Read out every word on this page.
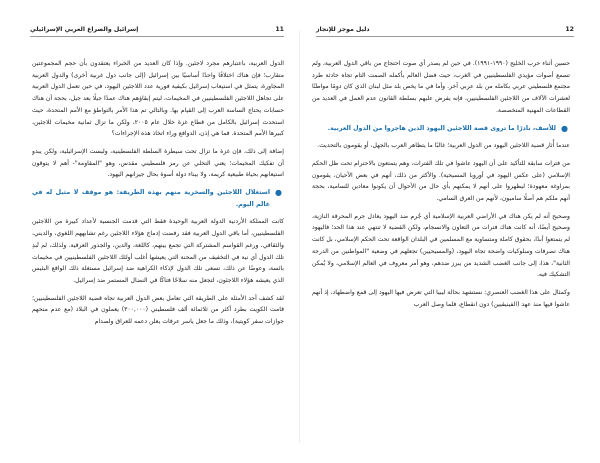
11
إسرائيل والصراع العربي الإسرائيلي

الدول العربية، باعتبارهم مجرد لاجئين. وإذا كان العديد من الخبراء يعتقدون بأن حجم المجموعتين متقارب؛ فإن هناك اختلافًا واحدًا أساسيًا بين إسرائيل (إلى جانب دول غربية أخرى) والدول العربية المجاورة، يتمثل في استيعاب إسرائيل بكيفية فورية عدد اللاجئين اليهود، في حين تعمل الدول العربية على تجاهل اللاجئين الفلسطينيين في المخيمات، ليتم إبقاؤهم هناك عمدًا جيلًا بعد جيل، بحجة أن هناك حسابات يحتاج الساسة العرب إلى القيام بها. وبالتالي تم هذا الأمر بالتواطؤ مع الأمم المتحدة، حيث استحدث إسرائيل بالكامل من قطاع غزة خلال عام ٢٠٠٥، ولكن ما تزال ثمانية مخيمات للاجئين، كبيرها الأمم المتحدة. فما هي إذن، الدوافع وراء اتخاذ هذه الإجراءات؟

إضافة إلى ذلك، فإن غزة ما تزال تحت سيطرة السلطة الفلسطينية، وليست الإسرائيلية، ولكن يبدو أن تفكيك المخيمات؛ يعني التخلي عن رمز فلسطيني مقدس، وهو "المقاومة"- أهم لا يتوقون استيعابهم بحياة طبيعية كريمة، ولا بيناء دولة أسوة بحال جيرانهم اليهود.

●
استغلال اللاجئين والسخرية منهم بهذه الطريقة: هو موقف لا مثيل له في عالم اليوم.

كانت المملكة الأردنية الدولة العربية الوحيدة فقط التي قدمت الجنسية لأعداد كبيرة من اللاجئين الفلسطينيين، أما باقي الدول العربية فقد رفضت إدماج هؤلاء اللاجئين رغم تشابههم اللغوي، والديني، والثقافي، ورغم القواسم المشتركة التي تجمع بينهم، كاللغة، والدين، والجذور العرقية. ولذلك، لم تُبدِ تلك الدول أي نية في التخفيف من المحنة التي يعيشها أغلب أولئك اللاجئين الفلسطينيين في مخيمات بائسة، وعوضًا عن ذلك، تسعى تلك الدول لإذكاء الكراهية ضد إسرائيل مستغلة ذلك الواقع البئيس الذي يعيشه هؤلاء اللاجئون، لتجعل منه سلاحًا فتاكًا في النضال المستمر ضد إسرائيل.

لقد كشف أحد الأمثلة على الطريقة التي تعامل بعض الدول العربية تجاه قضية اللاجئين الفلسطينيين؛ قامت الكويت بطرد أكثر من ثلاثمائة ألف فلسطيني (٣٠٠,٠٠٠) يعملون في البلاد (مع عدم منحهم جوازات سفر كويتية)، وذلك ما جعل ياسر عرفات يعلن دعمه للعراق ولصدام

12
دليل موجز للإنجاز

حسين أثناء حرب الخليج (١٩٩٠-١٩٩١). في حين لم يصدر أي صوت احتجاج من باقي الدول العربية، ولم تسمع أصوات مؤيدي الفلسطينيين في الغرب، حيث فضل العالم بأكمله الصمت التام تجاه حادثة طرد مجتمع فلسطيني عربي بكامله من بلد عربي آخر. وأما في ما يخص بلد مثل لبنان الذي كان دومًا مواطنًا لعشرات الآلاف من اللاجئين الفلسطينيين، فإنه يفرض عليهم بسلطة القانون عدم العمل في العديد من القطاعات المهنية المتخصصة.

●
للأسف، نادرًا ما تروى قصة اللاجئين اليهود الذين هاجروا من الدول العربية.

عندما أُثار قضية اللاجئين اليهود من الدول العربية؛ غالبًا ما يتظاهر العرب بالجهل، أو يقومون بالتحديث.

من فترات سابقة للتأكيد على أن اليهود عاشوا في تلك الفترات، وهم يتمتعون بالاحترام تحت ظل الحكم الإسلامي (على عكس اليهود في أوروبا المسيحية). والأكثر من ذلك، أنهم في بعض الأحيان، يقومون بمراوغة معهودة؛ ليظهروا على أنهم لا يمكنهم بأي حال من الأحوال أن يكونوا معادين للسامية، بحجة أنهم ملكم هم أصلًا ساميون، لأنهم من العرق السامي.

وصحيح أنه لم يكن هناك في الأراضي العربية الإسلامية أي جُرم ضد اليهود يعادل جرم المحرقة النازية، وصحيح أيضًا، أنه كانت هناك فترات من التعاون والانسجام، ولكن القضية لا تنتهي عند هذا الحد؛ فاليهود لم يتمتعوا أبدًا، بحقوق كاملة ومتساوية مع المسلمين في البلدان الواقعة تحت الحكم الإسلامي، بل كانت هناك تصرفات وسلوكيات واضحة تجاه اليهود، (والمسيحيين) تجعلهم في وضعية "المواطنين من الدرجة الثانية"، هذا، إلى جانب الغضب الشديد من يبرز ضدهم، وهو أمر معروف في العالم الإسلامي، ولا يُمكن التشكيك فيه.

وكمثال على هذا الغضب العنصري: نستشهد بحالة ليبيا التي تعرض فيها اليهود إلى قمع واضطهاد، إذ أنهم عاشوا فيها منذ عهد (الفينيقيين) دون انقطاع، فلما وصل العرب
